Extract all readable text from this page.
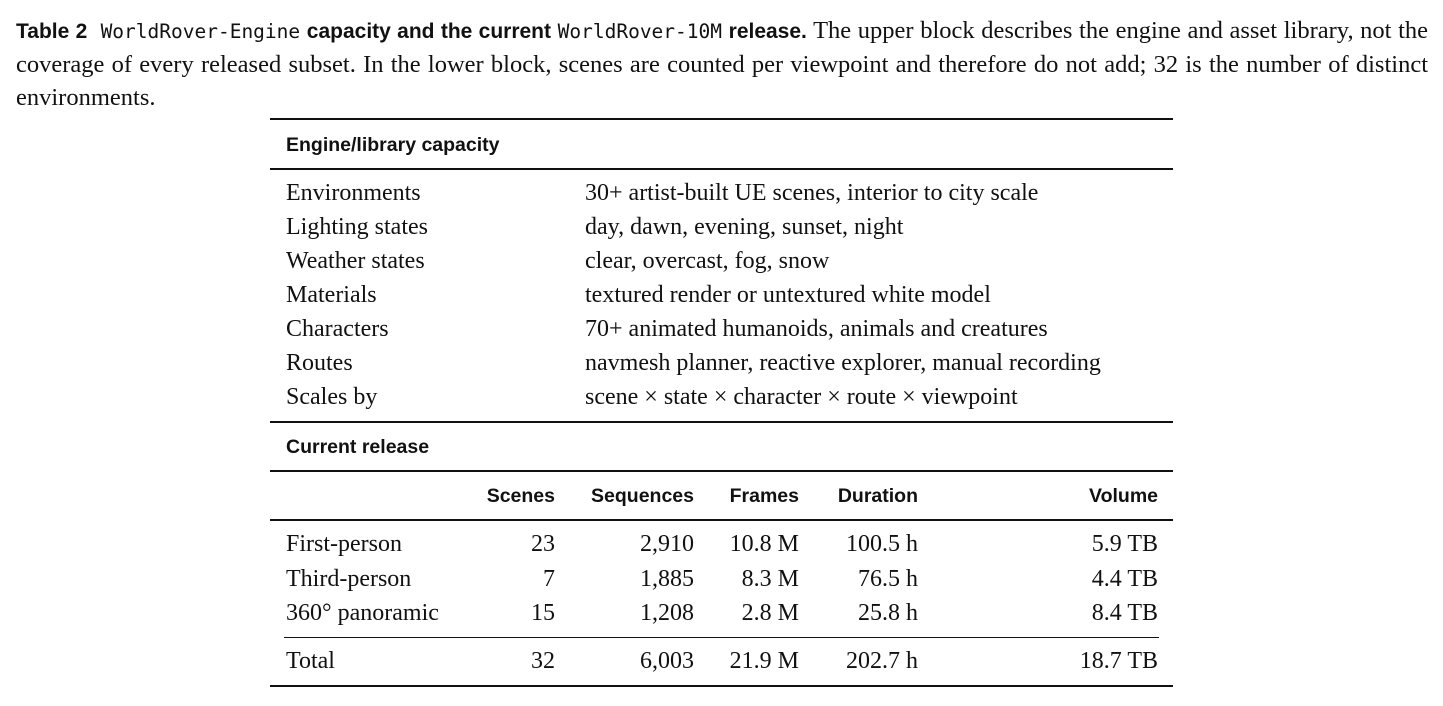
Table 2 WorldRover-Engine capacity and the current WorldRover-10M release. The upper block describes the engine and asset library, not the coverage of every released subset. In the lower block, scenes are counted per viewpoint and therefore do not add; 32 is the number of distinct environments.
Engine/library capacity
Environments	30+ artist-built UE scenes, interior to city scale
Lighting states	day, dawn, evening, sunset, night
Weather states	clear, overcast, fog, snow
Materials	textured render or untextured white model
Characters	70+ animated humanoids, animals and creatures
Routes	navmesh planner, reactive explorer, manual recording
Scales by	scene × state × character × route × viewpoint
Current release
Scenes Sequences Frames Duration	Volume
First-person	23	2,910 10.8 M 100.5 h	5.9 TB
Third-person	7	1,885 8.3 M 76.5 h	4.4 TB
360° panoramic	15	1,208 2.8 M 25.8 h	8.4 TB
Total	32	6,003 21.9 M 202.7 h	18.7 TB
